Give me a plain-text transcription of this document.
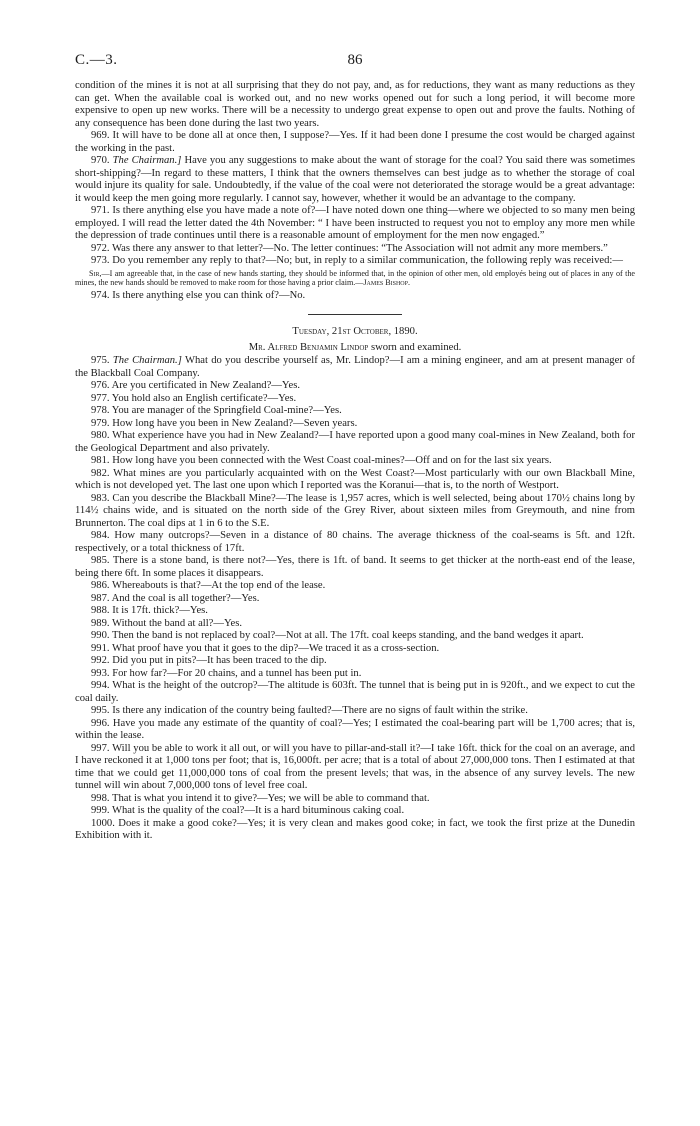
C.—3.	86

condition of the mines it is not at all surprising that they do not pay, and, as for reductions, they want as many reductions as they can get. When the available coal is worked out, and no new works opened out for such a long period, it will become more expensive to open up new works. There will be a necessity to undergo great expense to open out and prove the faults. Nothing of any consequence has been done during the last two years.

969. It will have to be done all at once then, I suppose?—Yes. If it had been done I presume the cost would be charged against the working in the past.

970. The Chairman.] Have you any suggestions to make about the want of storage for the coal? You said there was sometimes short-shipping?—In regard to these matters, I think that the owners themselves can best judge as to whether the storage of coal would injure its quality for sale. Undoubtedly, if the value of the coal were not deteriorated the storage would be a great advantage: it would keep the men going more regularly. I cannot say, however, whether it would be an advantage to the company.

971. Is there anything else you have made a note of?—I have noted down one thing—where we objected to so many men being employed. I will read the letter dated the 4th November: “ I have been instructed to request you not to employ any more men while the depression of trade continues until there is a reasonable amount of employment for the men now engaged.”

972. Was there any answer to that letter?—No. The letter continues: “The Association will not admit any more members.”

973. Do you remember any reply to that?—No; but, in reply to a similar communication, the following reply was received:—

Sir,—I am agreeable that, in the case of new hands starting, they should be informed that, in the opinion of other men, old employés being out of places in any of the mines, the new hands should be removed to make room for those having a prior claim.—James Bishop.

974. Is there anything else you can think of?—No.

Tuesday, 21st October, 1890.

Mr. Alfred Benjamin Lindop sworn and examined.

975. The Chairman.] What do you describe yourself as, Mr. Lindop?—I am a mining engineer, and am at present manager of the Blackball Coal Company.

976. Are you certificated in New Zealand?—Yes.

977. You hold also an English certificate?—Yes.

978. You are manager of the Springfield Coal-mine?—Yes.

979. How long have you been in New Zealand?—Seven years.

980. What experience have you had in New Zealand?—I have reported upon a good many coal-mines in New Zealand, both for the Geological Department and also privately.

981. How long have you been connected with the West Coast coal-mines?—Off and on for the last six years.

982. What mines are you particularly acquainted with on the West Coast?—Most particularly with our own Blackball Mine, which is not developed yet. The last one upon which I reported was the Koranui—that is, to the north of Westport.

983. Can you describe the Blackball Mine?—The lease is 1,957 acres, which is well selected, being about 170½ chains long by 114½ chains wide, and is situated on the north side of the Grey River, about sixteen miles from Greymouth, and nine from Brunnerton. The coal dips at 1 in 6 to the S.E.

984. How many outcrops?—Seven in a distance of 80 chains. The average thickness of the coal-seams is 5ft. and 12ft. respectively, or a total thickness of 17ft.

985. There is a stone band, is there not?—Yes, there is 1ft. of band. It seems to get thicker at the north-east end of the lease, being there 6ft. In some places it disappears.

986. Whereabouts is that?—At the top end of the lease.

987. And the coal is all together?—Yes.

988. It is 17ft. thick?—Yes.

989. Without the band at all?—Yes.

990. Then the band is not replaced by coal?—Not at all. The 17ft. coal keeps standing, and the band wedges it apart.

991. What proof have you that it goes to the dip?—We traced it as a cross-section.

992. Did you put in pits?—It has been traced to the dip.

993. For how far?—For 20 chains, and a tunnel has been put in.

994. What is the height of the outcrop?—The altitude is 603ft. The tunnel that is being put in is 920ft., and we expect to cut the coal daily.

995. Is there any indication of the country being faulted?—There are no signs of fault within the strike.

996. Have you made any estimate of the quantity of coal?—Yes; I estimated the coal-bearing part will be 1,700 acres; that is, within the lease.

997. Will you be able to work it all out, or will you have to pillar-and-stall it?—I take 16ft. thick for the coal on an average, and I have reckoned it at 1,000 tons per foot; that is, 16,000ft. per acre; that is a total of about 27,000,000 tons. Then I estimated at that time that we could get 11,000,000 tons of coal from the present levels; that was, in the absence of any survey levels. The new tunnel will win about 7,000,000 tons of level free coal.

998. That is what you intend it to give?—Yes; we will be able to command that.

999. What is the quality of the coal?—It is a hard bituminous caking coal.

1000. Does it make a good coke?—Yes; it is very clean and makes good coke; in fact, we took the first prize at the Dunedin Exhibition with it.
